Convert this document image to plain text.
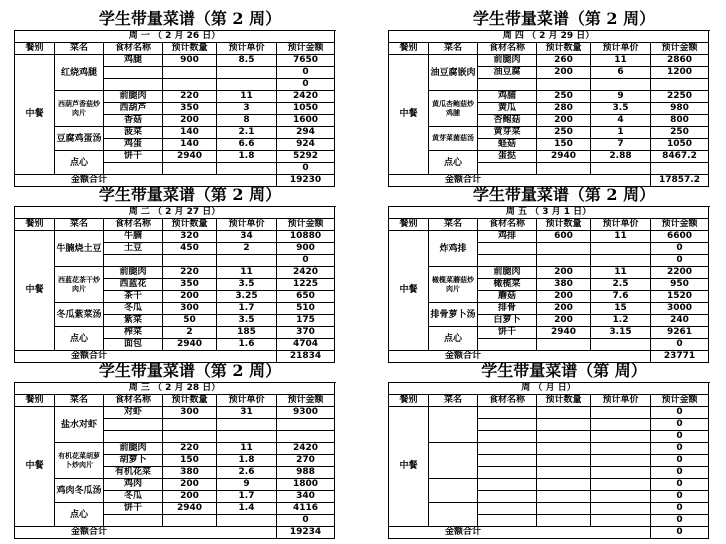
学生带量菜谱（第 2 周）
周 一 （ 2 月 26 日）
餐别	菜名	食材名称	预计数量	预计单价	预计金额
中餐
红烧鸡腿
鸡腿	900	8.5	7650
0
0
西葫芦香菇炒肉片
前腿肉	220	11	2420
西葫芦	350	3	1050
香菇	200	8	1600
豆腐鸡蛋汤
菠菜	140	2.1	294
鸡蛋	140	6.6	924
点心
饼干	2940	1.8	5292
0
金额合计	19230
学生带量菜谱（第 2 周）
周 四 （ 2 月 29 日）
餐别	菜名	食材名称	预计数量	预计单价	预计金额
中餐
油豆腐嵌肉
前腿肉	260	11	2860
油豆腐	200	6	1200
黄瓜杏鲍菇炒鸡脯
鸡脯	250	9	2250
黄瓜	280	3.5	980
杏鲍菇	200	4	800
黄芽菜菌菇汤
黄芽菜	250	1	250
蛏菇	150	7	1050
点心
蛋挞	2940	2.88	8467.2
金额合计	17857.2
学生带量菜谱（第 2 周）
周 二 （ 2 月 27 日）
餐别	菜名	食材名称	预计数量	预计单价	预计金额
中餐
牛腩烧土豆
牛腩	320	34	10880
土豆	450	2	900
0
西蓝花茶干炒肉片
前腿肉	220	11	2420
西蓝花	350	3.5	1225
茶干	200	3.25	650
冬瓜紫菜汤
冬瓜	300	1.7	510
紫菜	50	3.5	175
点心
榨菜	2	185	370
面包	2940	1.6	4704
金额合计	21834
学生带量菜谱（第 2 周）
周 五 （ 3 月 1 日）
餐别	菜名	食材名称	预计数量	预计单价	预计金额
中餐
炸鸡排
鸡排	600	11	6600
0
0
橄榄菜蘑菇炒肉片
前腿肉	200	11	2200
橄榄菜	380	2.5	950
蘑菇	200	7.6	1520
排骨萝卜汤
排骨	200	15	3000
白萝卜	200	1.2	240
点心
饼干	2940	3.15	9261
0
金额合计	23771
学生带量菜谱（第 2 周）
周 三 （ 2 月 28 日）
餐别	菜名	食材名称	预计数量	预计单价	预计金额
中餐
盐水对虾
对虾	300	31	9300
有机花菜胡萝卜炒肉片
前腿肉	220	11	2420
胡萝卜	150	1.8	270
有机花菜	380	2.6	988
鸡肉冬瓜汤
鸡肉	200	9	1800
冬瓜	200	1.7	340
点心
饼干	2940	1.4	4116
0
金额合计	19234
学生带量菜谱（第 周）
周 （ 月 日）
餐别	菜名	食材名称	预计数量	预计单价	预计金额
中餐
0
0
0
0
0
0
0
0
0
0
金额合计	0
